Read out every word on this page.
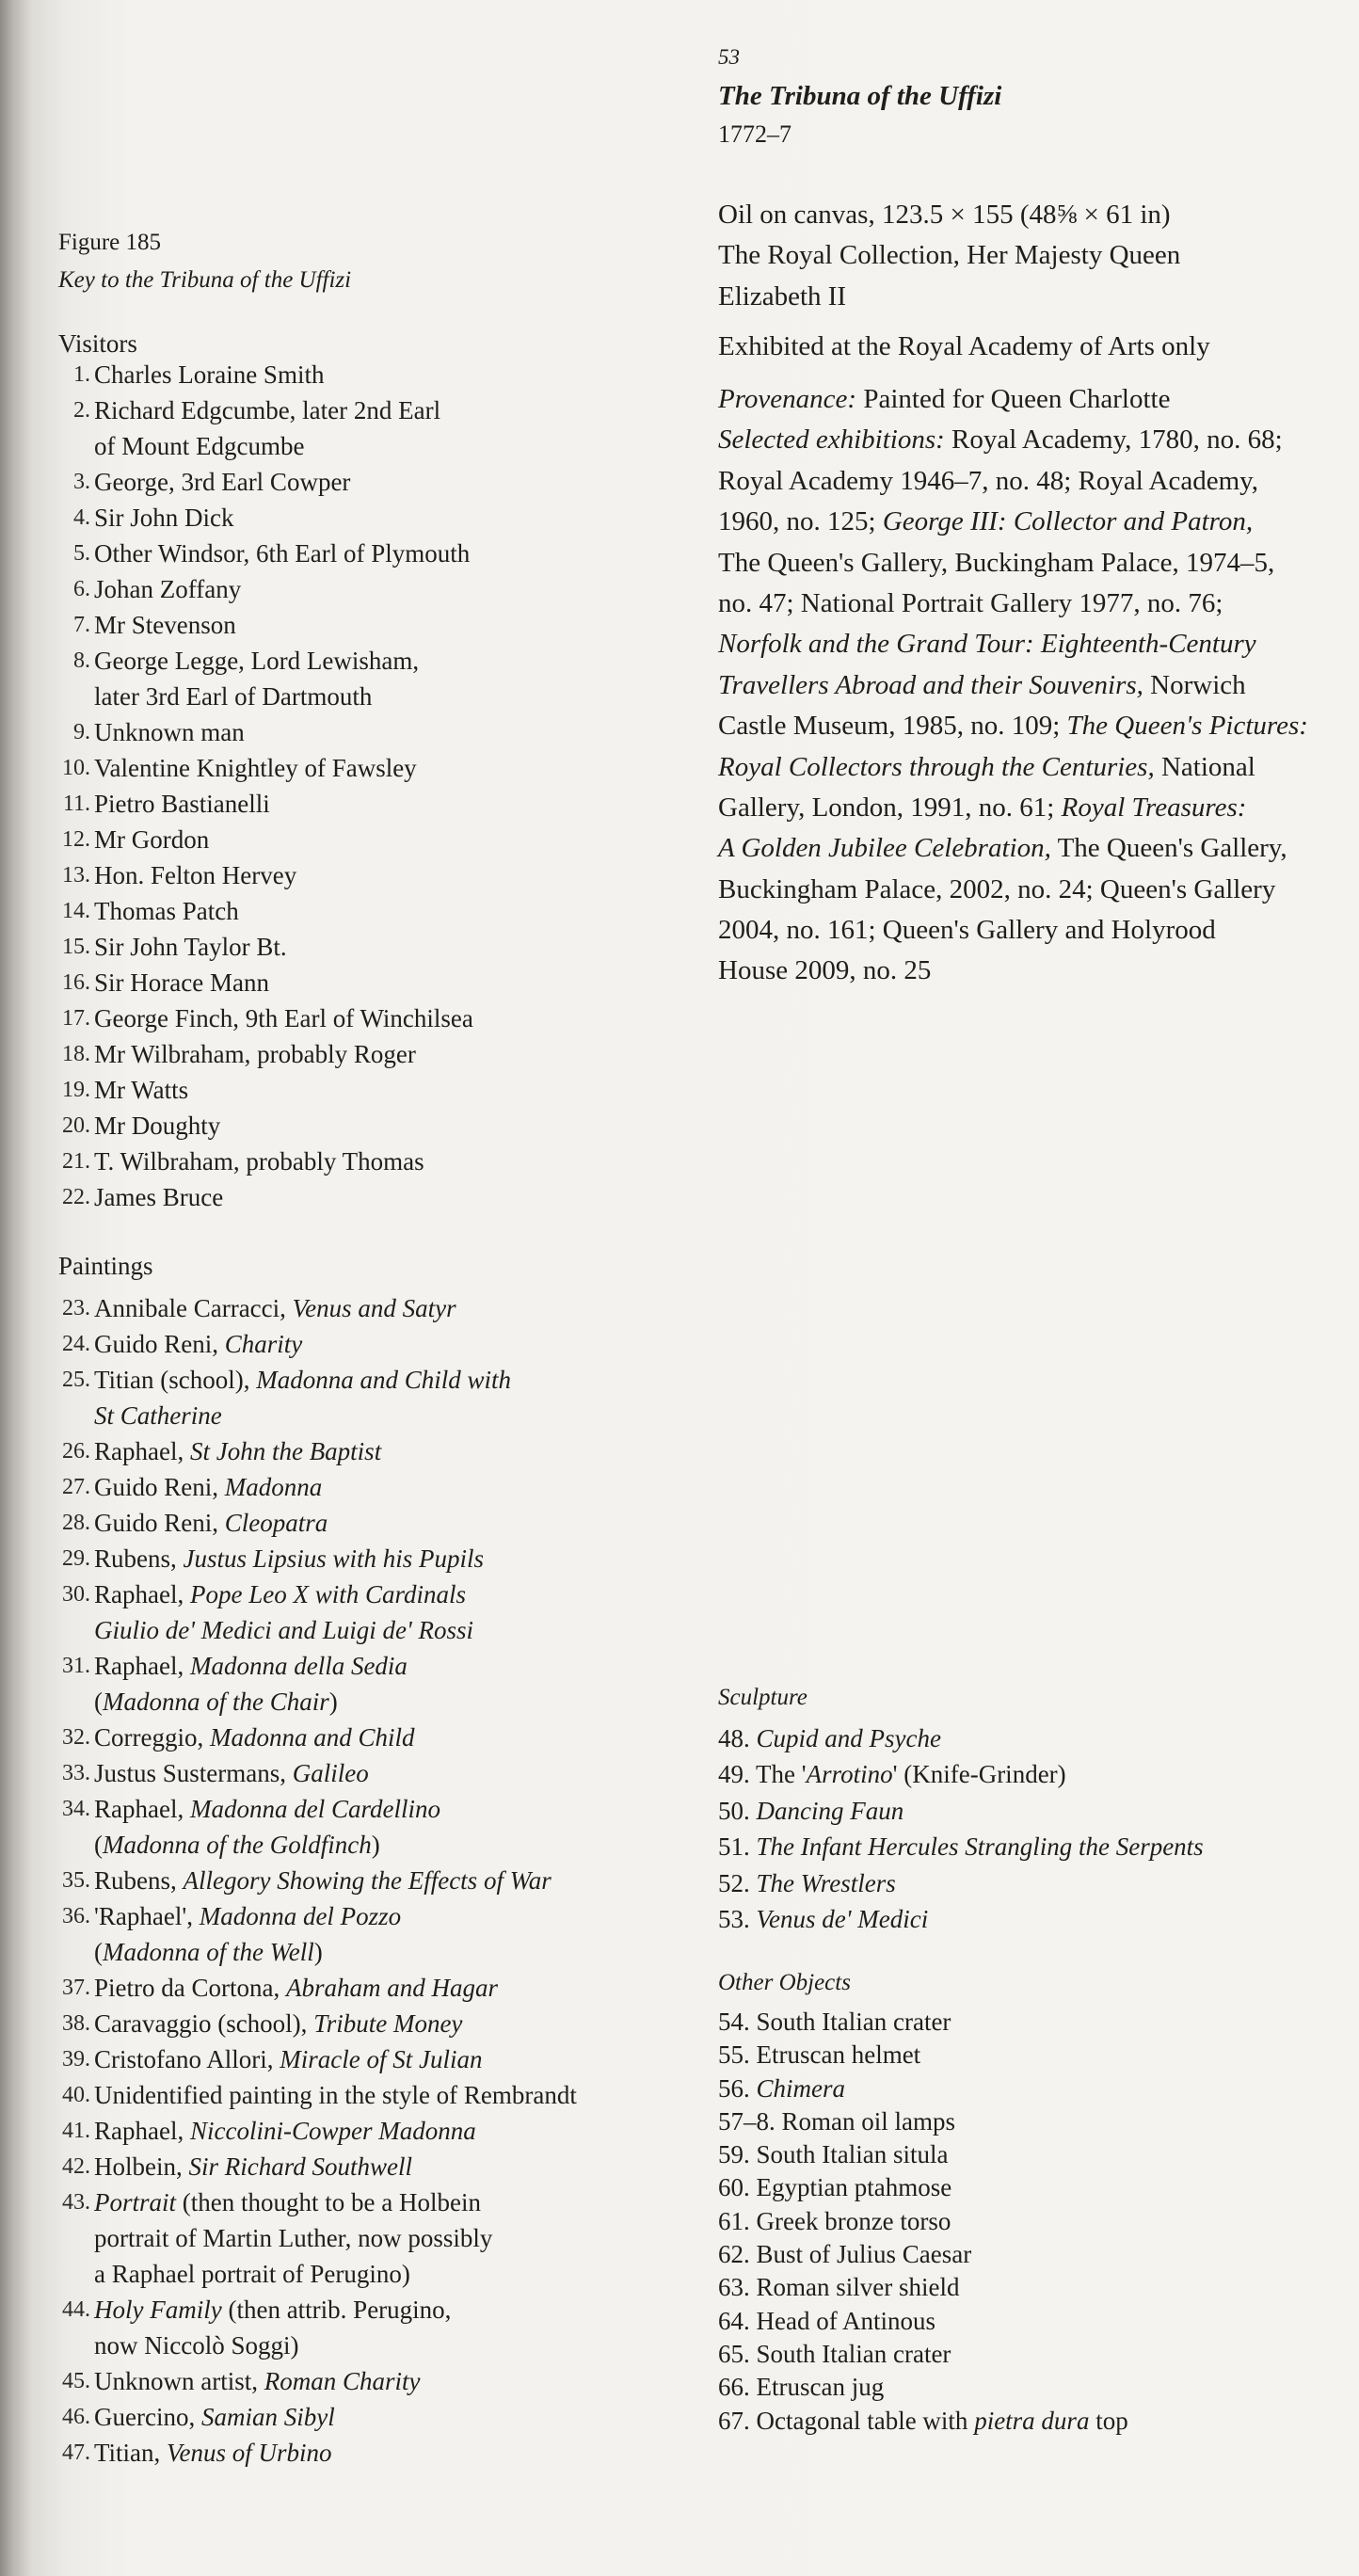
Figure 185
Key to the Tribuna of the Uffizi
Visitors
1. Charles Loraine Smith
2. Richard Edgcumbe, later 2nd Earl
of Mount Edgcumbe
3. George, 3rd Earl Cowper
4. Sir John Dick
5. Other Windsor, 6th Earl of Plymouth
6. Johan Zoffany
7. Mr Stevenson
8. George Legge, Lord Lewisham,
later 3rd Earl of Dartmouth
9. Unknown man
10. Valentine Knightley of Fawsley
11. Pietro Bastianelli
12. Mr Gordon
13. Hon. Felton Hervey
14. Thomas Patch
15. Sir John Taylor Bt.
16. Sir Horace Mann
17. George Finch, 9th Earl of Winchilsea
18. Mr Wilbraham, probably Roger
19. Mr Watts
20. Mr Doughty
21. T. Wilbraham, probably Thomas
22. James Bruce
Paintings
23. Annibale Carracci, Venus and Satyr
24. Guido Reni, Charity
25. Titian (school), Madonna and Child with
St Catherine
26. Raphael, St John the Baptist
27. Guido Reni, Madonna
28. Guido Reni, Cleopatra
29. Rubens, Justus Lipsius with his Pupils
30. Raphael, Pope Leo X with Cardinals
Giulio de' Medici and Luigi de' Rossi
31. Raphael, Madonna della Sedia
(Madonna of the Chair)
32. Correggio, Madonna and Child
33. Justus Sustermans, Galileo
34. Raphael, Madonna del Cardellino
(Madonna of the Goldfinch)
35. Rubens, Allegory Showing the Effects of War
36. 'Raphael', Madonna del Pozzo
(Madonna of the Well)
37. Pietro da Cortona, Abraham and Hagar
38. Caravaggio (school), Tribute Money
39. Cristofano Allori, Miracle of St Julian
40. Unidentified painting in the style of Rembrandt
41. Raphael, Niccolini-Cowper Madonna
42. Holbein, Sir Richard Southwell
43. Portrait (then thought to be a Holbein
portrait of Martin Luther, now possibly
a Raphael portrait of Perugino)
44. Holy Family (then attrib. Perugino,
now Niccolò Soggi)
45. Unknown artist, Roman Charity
46. Guercino, Samian Sibyl
47. Titian, Venus of Urbino
53
The Tribuna of the Uffizi
1772–7
Oil on canvas, 123.5 × 155 (48⅝ × 61 in)
The Royal Collection, Her Majesty Queen
Elizabeth II
Exhibited at the Royal Academy of Arts only
Provenance: Painted for Queen Charlotte
Selected exhibitions: Royal Academy, 1780, no. 68;
Royal Academy 1946–7, no. 48; Royal Academy,
1960, no. 125; George III: Collector and Patron,
The Queen's Gallery, Buckingham Palace, 1974–5,
no. 47; National Portrait Gallery 1977, no. 76;
Norfolk and the Grand Tour: Eighteenth-Century
Travellers Abroad and their Souvenirs, Norwich
Castle Museum, 1985, no. 109; The Queen's Pictures:
Royal Collectors through the Centuries, National
Gallery, London, 1991, no. 61; Royal Treasures:
A Golden Jubilee Celebration, The Queen's Gallery,
Buckingham Palace, 2002, no. 24; Queen's Gallery
2004, no. 161; Queen's Gallery and Holyrood
House 2009, no. 25
Sculpture
48. Cupid and Psyche
49. The 'Arrotino' (Knife-Grinder)
50. Dancing Faun
51. The Infant Hercules Strangling the Serpents
52. The Wrestlers
53. Venus de' Medici
Other Objects
54. South Italian crater
55. Etruscan helmet
56. Chimera
57–8. Roman oil lamps
59. South Italian situla
60. Egyptian ptahmose
61. Greek bronze torso
62. Bust of Julius Caesar
63. Roman silver shield
64. Head of Antinous
65. South Italian crater
66. Etruscan jug
67. Octagonal table with pietra dura top
